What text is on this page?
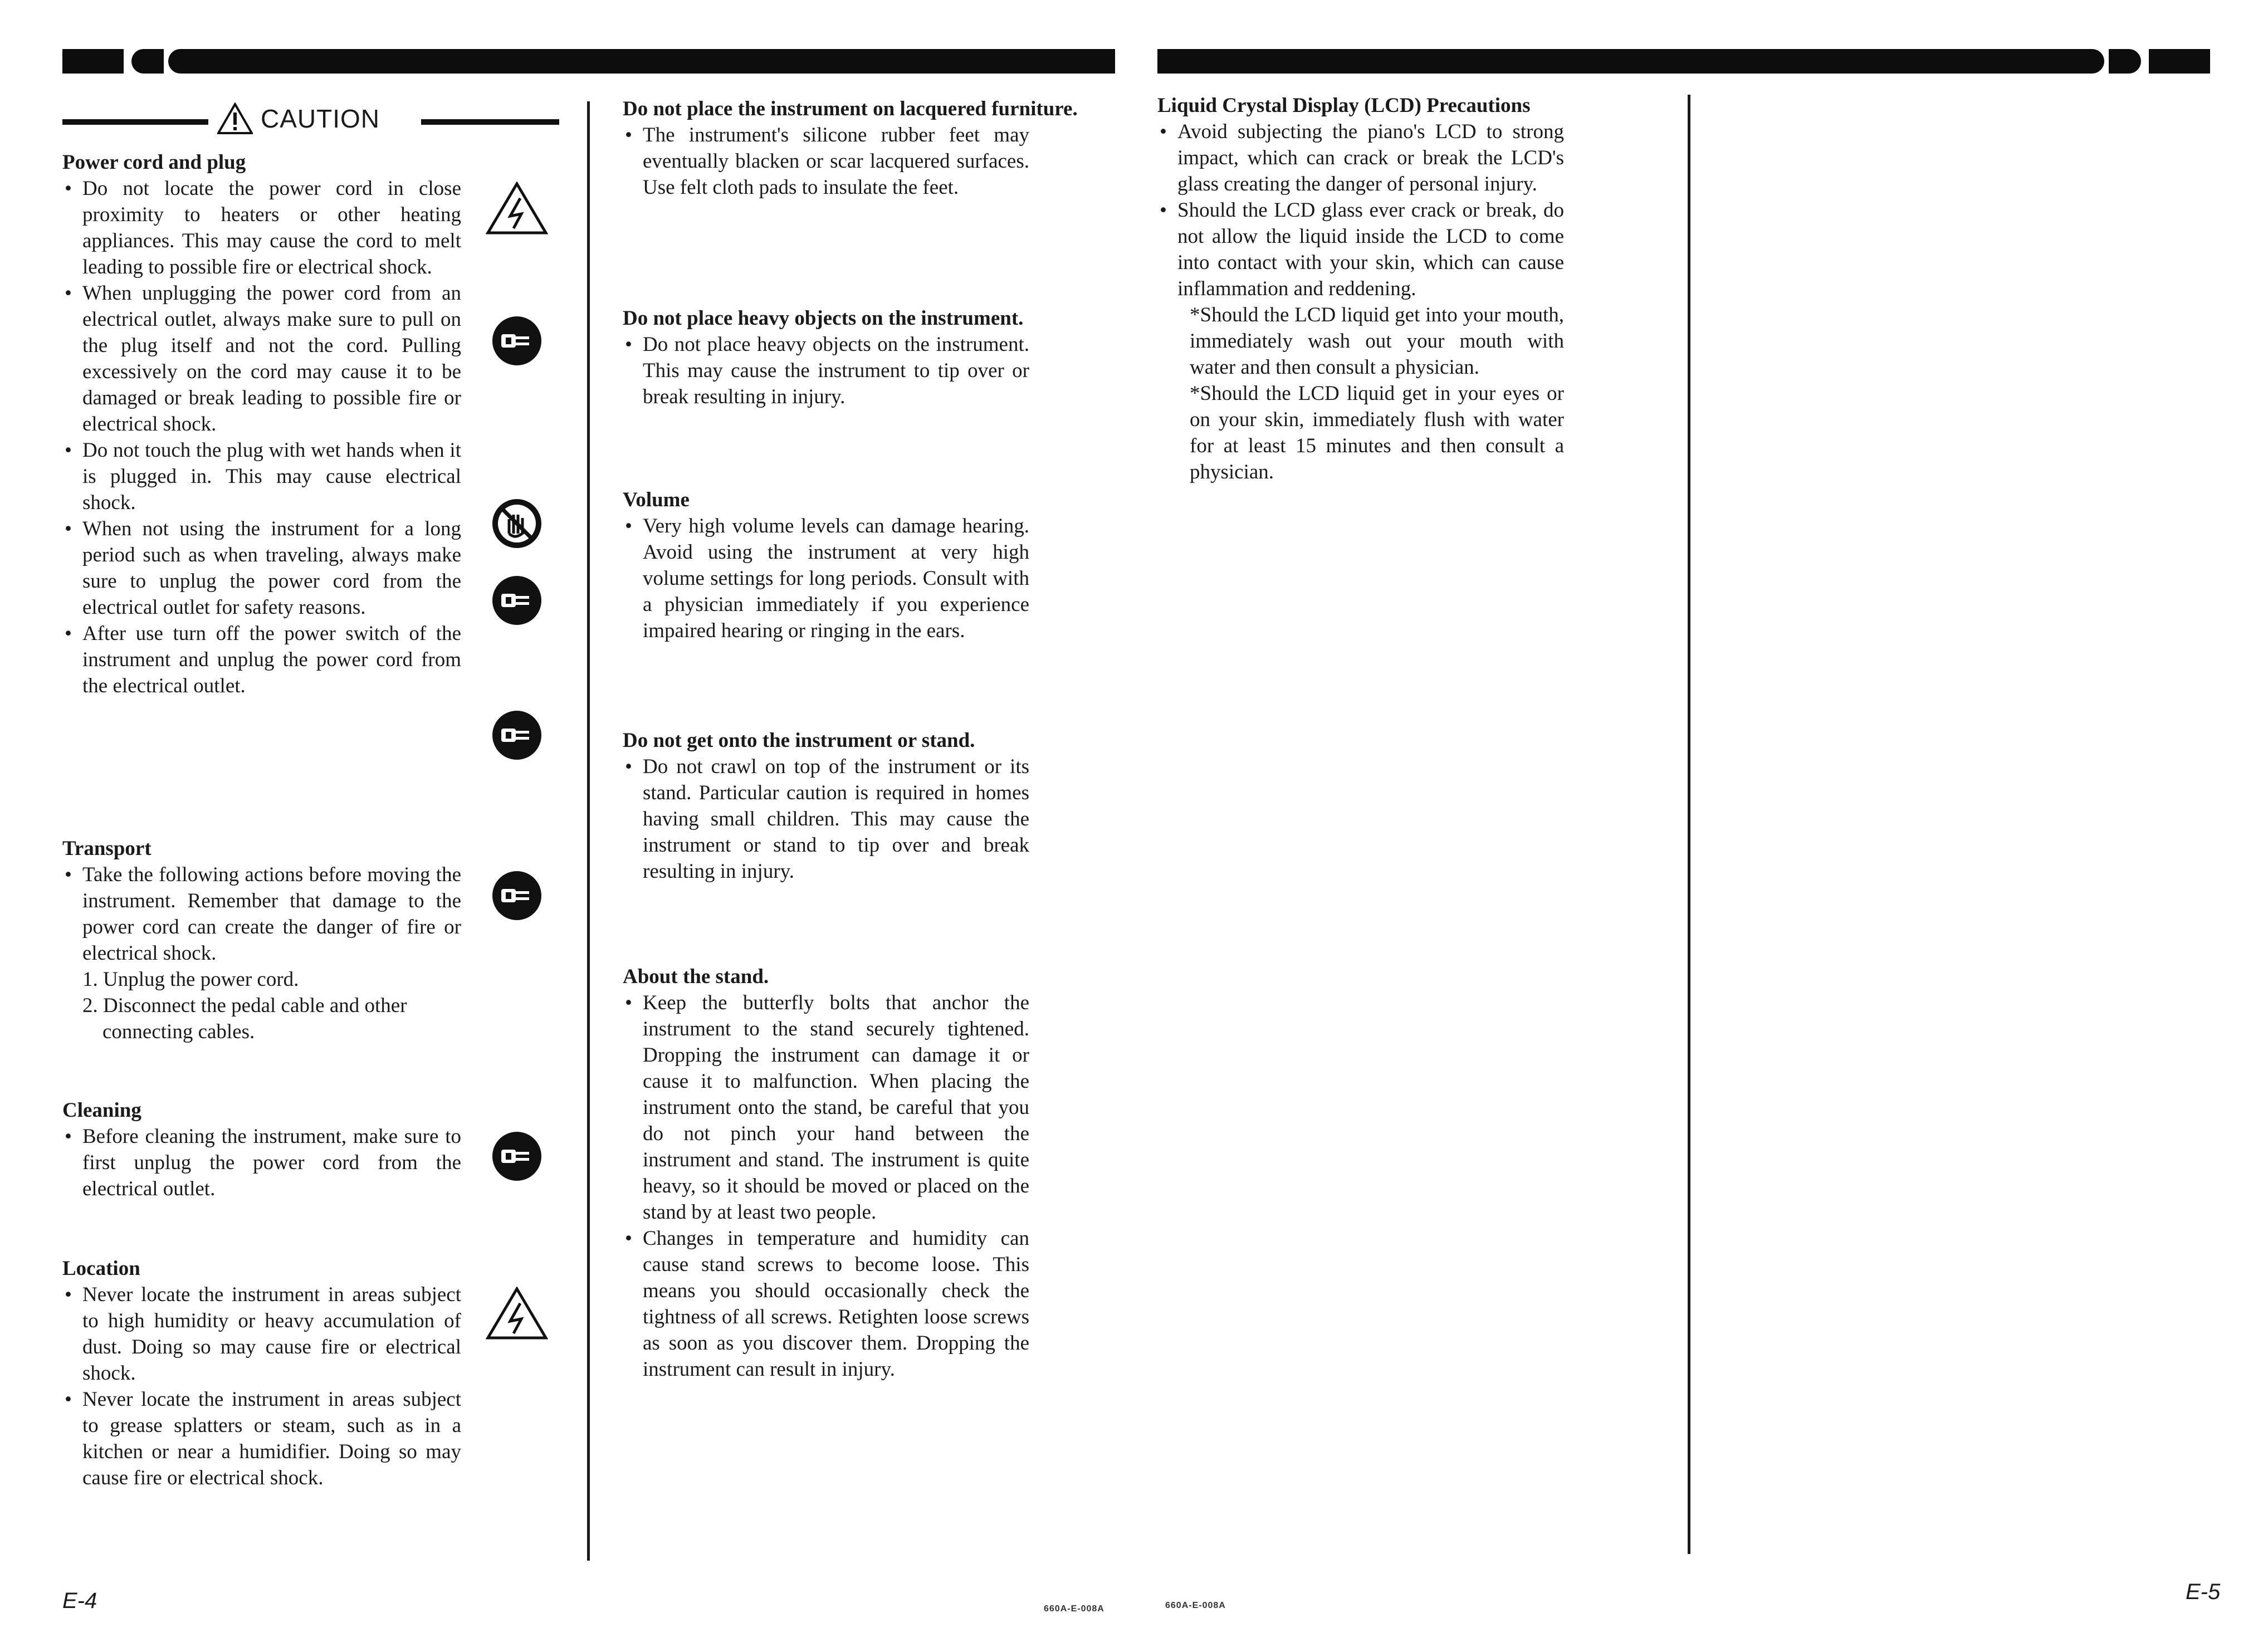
CAUTION
Power cord and plug
• Do not locate the power cord in close proximity to heaters or other heating appliances. This may cause the cord to melt leading to possible fire or electrical shock.
• When unplugging the power cord from an electrical outlet, always make sure to pull on the plug itself and not the cord. Pulling excessively on the cord may cause it to be damaged or break leading to possible fire or electrical shock.
• Do not touch the plug with wet hands when it is plugged in. This may cause electrical shock.
• When not using the instrument for a long period such as when traveling, always make sure to unplug the power cord from the electrical outlet for safety reasons.
• After use turn off the power switch of the instrument and unplug the power cord from the electrical outlet.
Transport
• Take the following actions before moving the instrument. Remember that damage to the power cord can create the danger of fire or electrical shock.
1. Unplug the power cord.
2. Disconnect the pedal cable and other connecting cables.
Cleaning
• Before cleaning the instrument, make sure to first unplug the power cord from the electrical outlet.
Location
• Never locate the instrument in areas subject to high humidity or heavy accumulation of dust. Doing so may cause fire or electrical shock.
• Never locate the instrument in areas subject to grease splatters or steam, such as in a kitchen or near a humidifier. Doing so may cause fire or electrical shock.
Do not place the instrument on lacquered furniture.
• The instrument's silicone rubber feet may eventually blacken or scar lacquered surfaces. Use felt cloth pads to insulate the feet.
Do not place heavy objects on the instrument.
• Do not place heavy objects on the instrument. This may cause the instrument to tip over or break resulting in injury.
Volume
• Very high volume levels can damage hearing. Avoid using the instrument at very high volume settings for long periods. Consult with a physician immediately if you experience impaired hearing or ringing in the ears.
Do not get onto the instrument or stand.
• Do not crawl on top of the instrument or its stand. Particular caution is required in homes having small children. This may cause the instrument or stand to tip over and break resulting in injury.
About the stand.
• Keep the butterfly bolts that anchor the instrument to the stand securely tightened. Dropping the instrument can damage it or cause it to malfunction. When placing the instrument onto the stand, be careful that you do not pinch your hand between the instrument and stand. The instrument is quite heavy, so it should be moved or placed on the stand by at least two people.
• Changes in temperature and humidity can cause stand screws to become loose. This means you should occasionally check the tightness of all screws. Retighten loose screws as soon as you discover them. Dropping the instrument can result in injury.
Liquid Crystal Display (LCD) Precautions
• Avoid subjecting the piano's LCD to strong impact, which can crack or break the LCD's glass creating the danger of personal injury.
• Should the LCD glass ever crack or break, do not allow the liquid inside the LCD to come into contact with your skin, which can cause inflammation and reddening.
*Should the LCD liquid get into your mouth, immediately wash out your mouth with water and then consult a physician.
*Should the LCD liquid get in your eyes or on your skin, immediately flush with water for at least 15 minutes and then consult a physician.
E-4	E-5
660A-E-008A	660A-E-008A
